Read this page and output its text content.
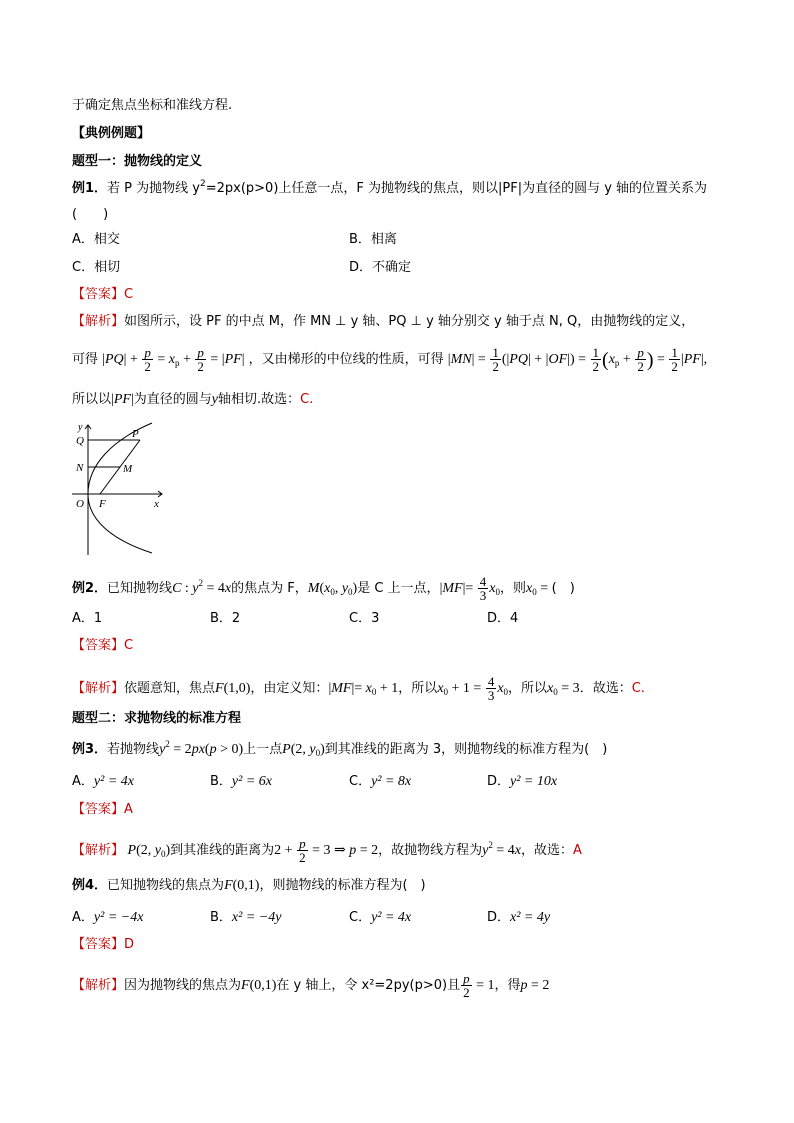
于确定焦点坐标和准线方程.
【典例例题】
题型一：抛物线的定义
例1．若 P 为抛物线 $y^2=2px(p>0)$上任意一点，F 为抛物线的焦点，则以|PF|为直径的圆与 y 轴的位置关系为
(　　)
A．相交	B．相离
C．相切	D．不确定
【答案】C
【解析】如图所示，设 PF 的中点 M，作 MN ⊥ y 轴、PQ ⊥ y 轴分别交 y 轴于点 N, Q，由抛物线的定义，
可得 $|PQ| + \frac{p}{2} = x_p + \frac{p}{2} = |PF|$ ，又由梯形的中位线的性质，可得 $|MN| = \frac{1}{2} (|PQ| + |OF|) = \frac{1}{2} (x_p + \frac{p}{2}$ ) = $\frac{1}{2} |PF|$,
所以以|PF|为直径的圆与y轴相切.故选：C.
y
Q
P
N	M
O F	x
例2．已知抛物线C : $y^2 = 4x$的焦点为 F，$M(x_0$, $y_0$)是 C 上一点，$|MF|= \frac{4}{3} x_0$，则$x_0$ = (　)
A．1	B．2	C．3	D．4
【答案】C
【解析】依题意知，焦点F(1,0)，由定义知：$|MF|= x_0 + 1$，所以$x_0 + 1 = \frac{4}{3} x_0$，所以$x_0 = 3$．故选：C.
题型二：求抛物线的标准方程
例3．若抛物线$y^2 = 2px(p > 0)$上一点P(2, $y_0$)到其准线的距离为 3，则抛物线的标准方程为(　)
A．y² = 4x	B．y² = 6x	C．y² = 8x	D．y² = 10x
【答案】A
【解析】 P(2, $y_0$)到其准线的距离为$2 + \frac{p}{2} = 3$ ⇒ p = 2，故抛物线方程为$y^2 = 4x$，故选：A
例4．已知抛物线的焦点为F(0,1)，则抛物线的标准方程为(　)
A．y² = −4x	B．x² = −4y	C．y² = 4x	D．x² = 4y
【答案】D
【解析】因为抛物线的焦点为F(0,1)在 y 轴上，令 x²=2py(p>0)且 $\frac{p}{2} = 1$，得p = 2
